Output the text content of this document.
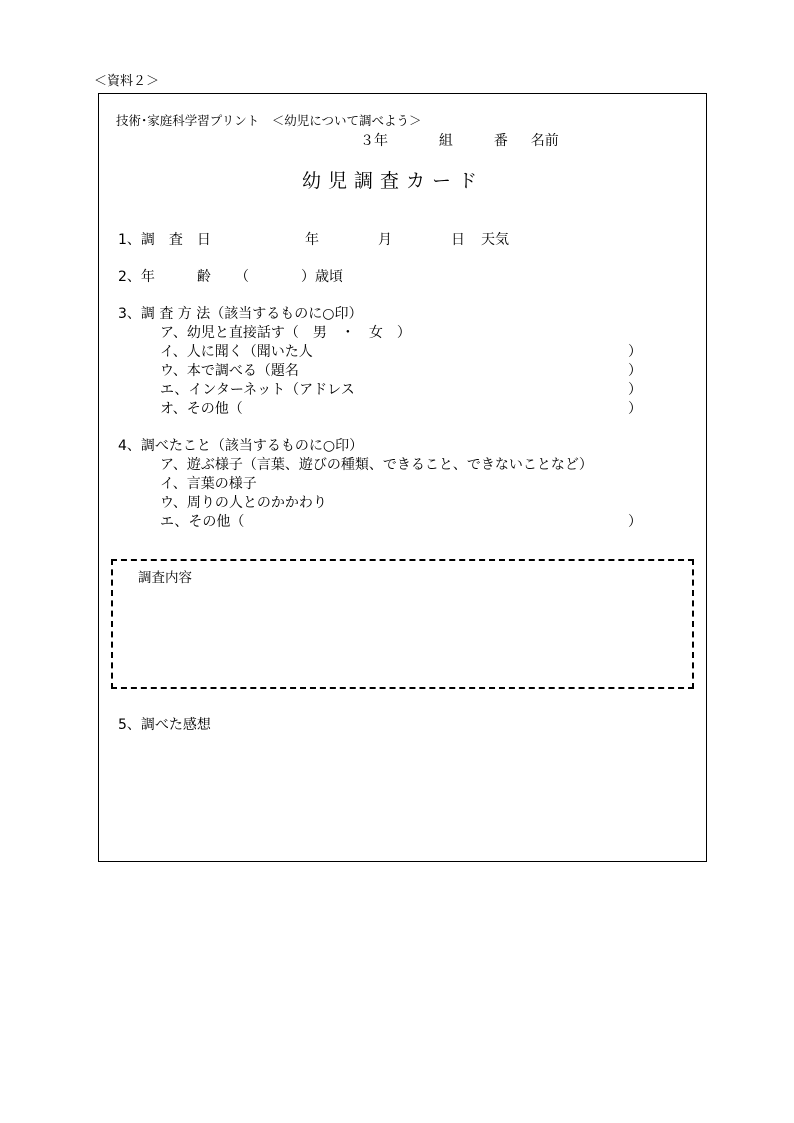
＜資料２＞
技術･家庭科学習プリント　＜幼児について調べよう＞
３年	組	番 名前
幼児調査カード
1、調　査　日	年	月	日 天気
2、年　　　齢 （	）歳頃
3、調 査 方 法（該当するものに○印）
ア、幼児と直接話す（　男　・　女　）
イ、人に聞く（聞いた人	）
ウ、本で調べる（題名	）
エ、インターネット（アドレス	）
オ、その他（	）
4、調べたこと（該当するものに○印）
ア、遊ぶ様子（言葉、遊びの種類、できること、できないことなど）
イ、言葉の様子
ウ、周りの人とのかかわり
エ、その他（	）
調査内容
5、調べた感想
